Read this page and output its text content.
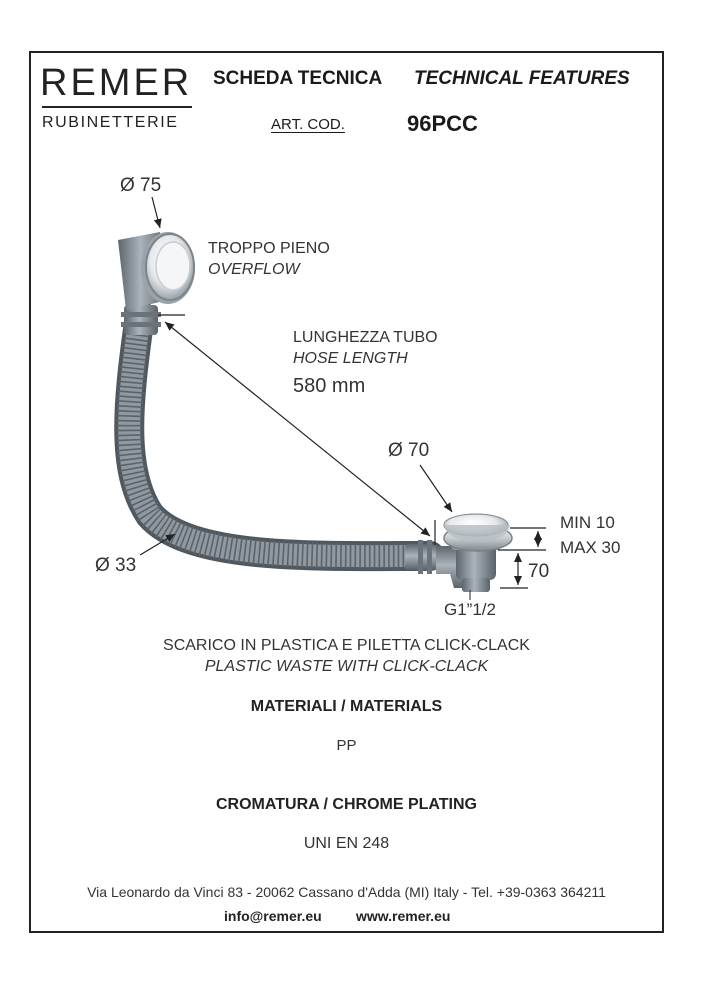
REMER
RUBINETTERIE
SCHEDA TECNICA TECHNICAL FEATURES
ART. COD.	96PCC
Ø 75
TROPPO PIENO
OVERFLOW
LUNGHEZZA TUBO
HOSE LENGTH
580 mm
Ø 70
Ø 33
MIN 10
MAX 30
70
G1”1/2
SCARICO IN PLASTICA E PILETTA CLICK-CLACK
PLASTIC WASTE WITH CLICK-CLACK
MATERIALI / MATERIALS
PP
CROMATURA / CHROME PLATING
UNI EN 248
Via Leonardo da Vinci 83 - 20062 Cassano d'Adda (MI) Italy - Tel. +39-0363 364211
info@remer.eu www.remer.eu
